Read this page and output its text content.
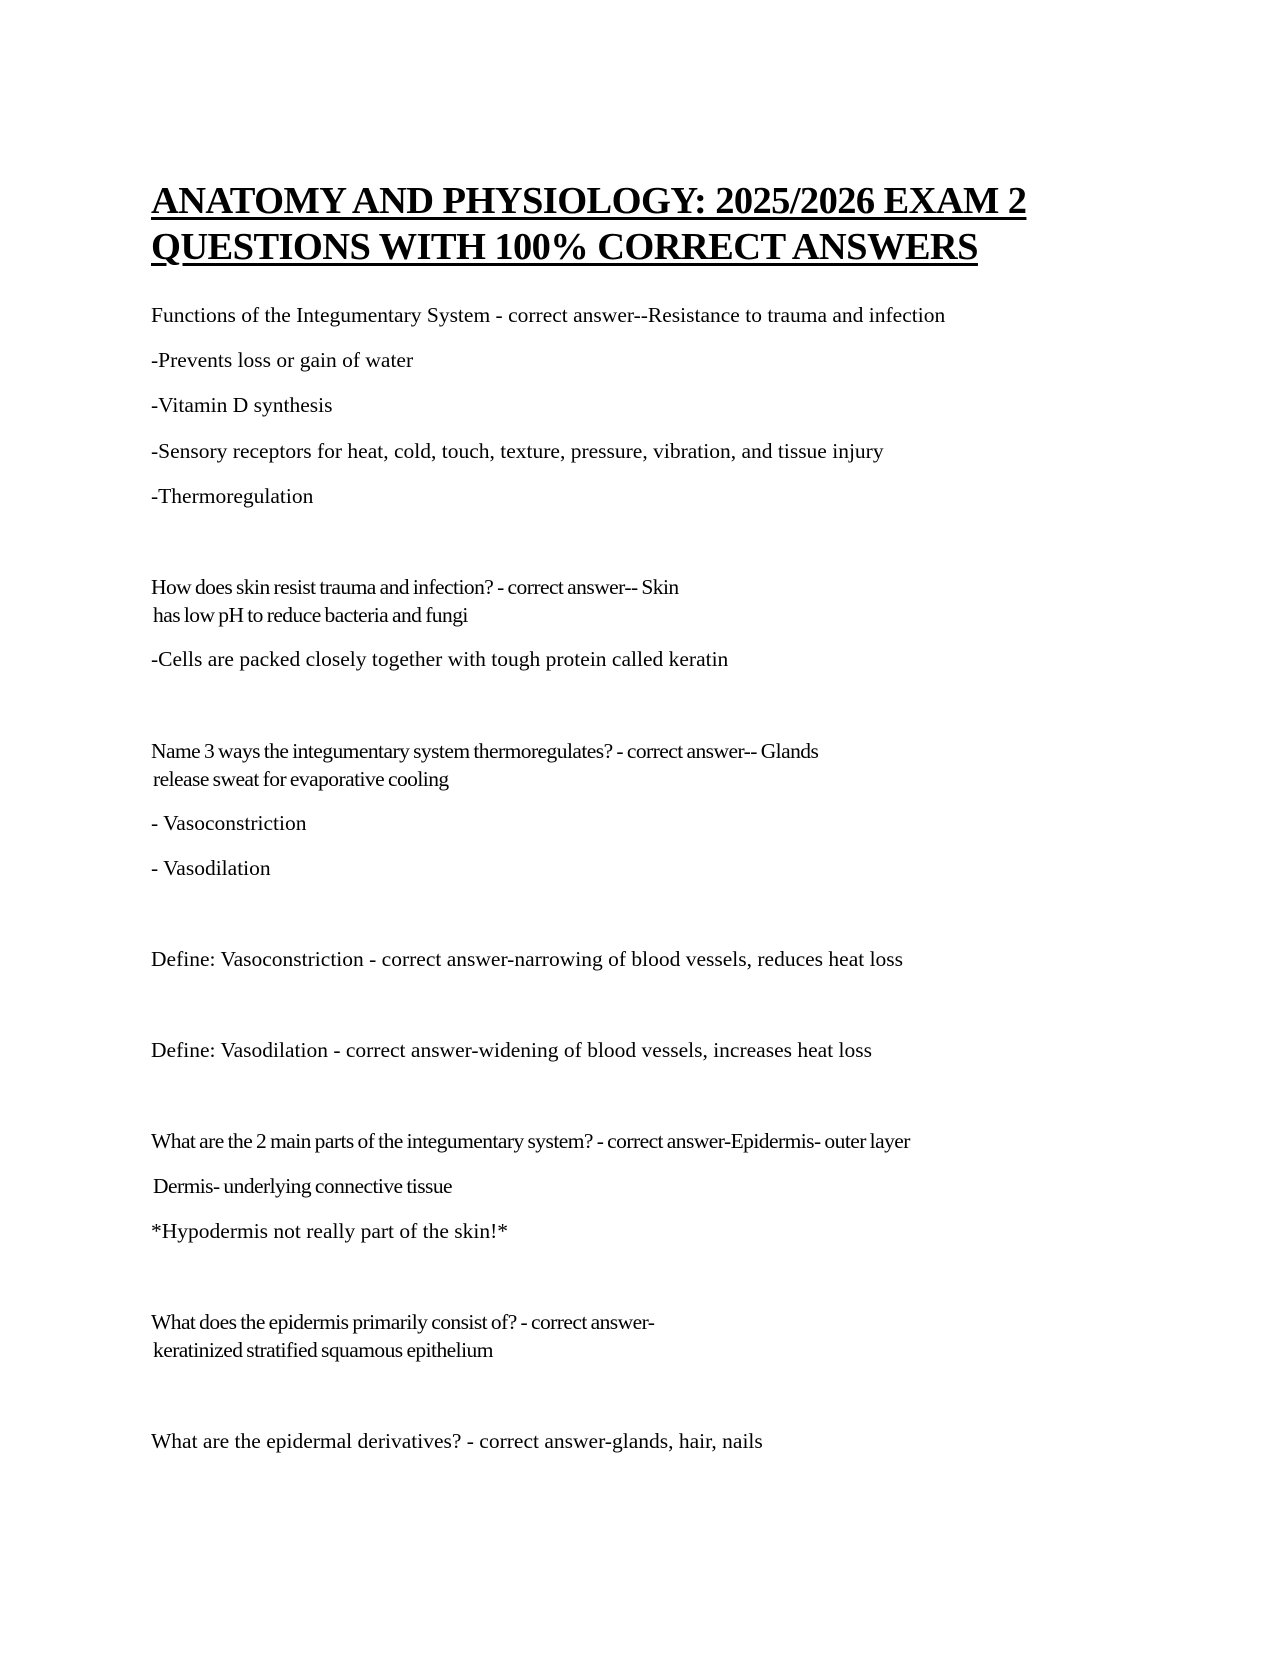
ANATOMY AND PHYSIOLOGY: 2025/2026 EXAM 2
QUESTIONS WITH 100% CORRECT ANSWERS

Functions of the Integumentary System - correct answer--Resistance to trauma and infection

-Prevents loss or gain of water

-Vitamin D synthesis

-Sensory receptors for heat, cold, touch, texture, pressure, vibration, and tissue injury

-Thermoregulation

How does skin resist trauma and infection? - correct answer-- Skin

has low pH to reduce bacteria and fungi

-Cells are packed closely together with tough protein called keratin

Name 3 ways the integumentary system thermoregulates? - correct answer-- Glands

release sweat for evaporative cooling

- Vasoconstriction

- Vasodilation

Define: Vasoconstriction - correct answer-narrowing of blood vessels, reduces heat loss

Define: Vasodilation - correct answer-widening of blood vessels, increases heat loss

What are the 2 main parts of the integumentary system? - correct answer-Epidermis- outer layer

Dermis- underlying connective tissue

*Hypodermis not really part of the skin!*

What does the epidermis primarily consist of? - correct answer-

keratinized stratified squamous epithelium

What are the epidermal derivatives? - correct answer-glands, hair, nails
